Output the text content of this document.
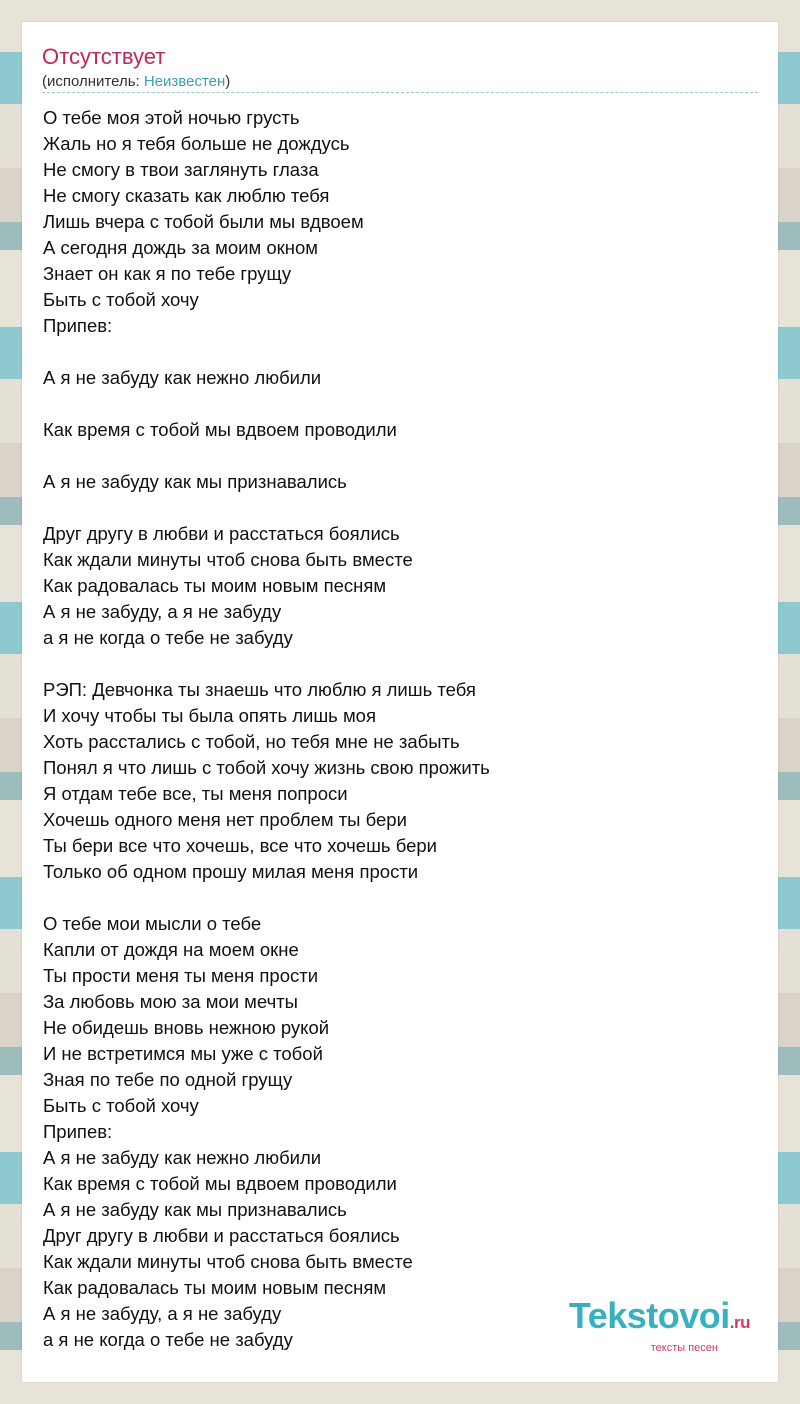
Отсутствует
(исполнитель: Неизвестен)
О тебе моя этой ночью грусть
Жаль но я тебя больше не дождусь
Не смогу в твои заглянуть глаза
Не смогу сказать как люблю тебя
Лишь вчера с тобой были мы вдвоем
А сегодня дождь за моим окном
Знает он как я по тебе грущу
Быть с тобой хочу
Припев:

А я не забуду как нежно любили

Как время с тобой мы вдвоем проводили

А я не забуду как мы признавались

Друг другу в любви и расстаться боялись
Как ждали минуты чтоб снова быть вместе
Как радовалась ты моим новым песням
А я не забуду, а я не забуду
а я не когда о тебе не забуду

РЭП: Девчонка ты знаешь что люблю я лишь тебя
И хочу чтобы ты была опять лишь моя
Хоть расстались с тобой, но тебя мне не забыть
Понял я что лишь с тобой хочу жизнь свою прожить
Я отдам тебе все, ты меня попроси
Хочешь одного меня нет проблем ты бери
Ты бери все что хочешь, все что хочешь бери
Только об одном прошу милая меня прости

О тебе мои мысли о тебе
Капли от дождя на моем окне
Ты прости меня ты меня прости
За любовь мою за мои мечты
Не обидешь вновь нежною рукой
И не встретимся мы уже с тобой
Зная по тебе по одной грущу
Быть с тобой хочу
Припев:
А я не забуду как нежно любили
Как время с тобой мы вдвоем проводили
А я не забуду как мы признавались
Друг другу в любви и расстаться боялись
Как ждали минуты чтоб снова быть вместе
Как радовалась ты моим новым песням
А я не забуду, а я не забуду
а я не когда о тебе не забуду
Tekstovoi.ru
тексты песен
